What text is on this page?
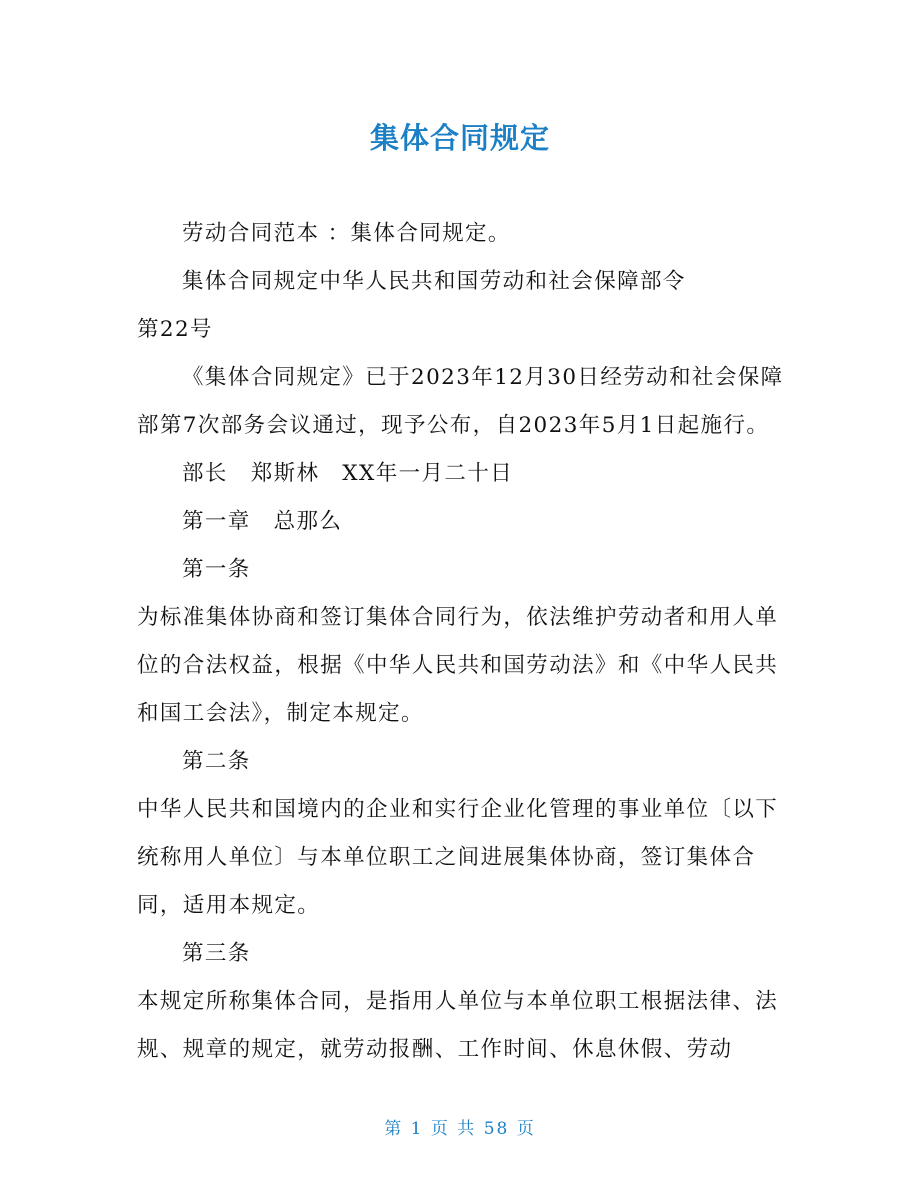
集体合同规定

劳动合同范本 ：集体合同规定。

集体合同规定中华人民共和国劳动和社会保障部令

第22号

《集体合同规定》已于2023年12月30日经劳动和社会保障部第7次部务会议通过，现予公布，自2023年5月1日起施行。

部长　郑斯林　XX年一月二十日

第一章　总那么

第一条

为标准集体协商和签订集体合同行为，依法维护劳动者和用人单位的合法权益，根据《中华人民共和国劳动法》和《中华人民共和国工会法》，制定本规定。

第二条

中华人民共和国境内的企业和实行企业化管理的事业单位〔以下统称用人单位〕与本单位职工之间进展集体协商，签订集体合同，适用本规定。

第三条

本规定所称集体合同，是指用人单位与本单位职工根据法律、法规、规章的规定，就劳动报酬、工作时间、休息休假、劳动

第 1 页 共 58 页
